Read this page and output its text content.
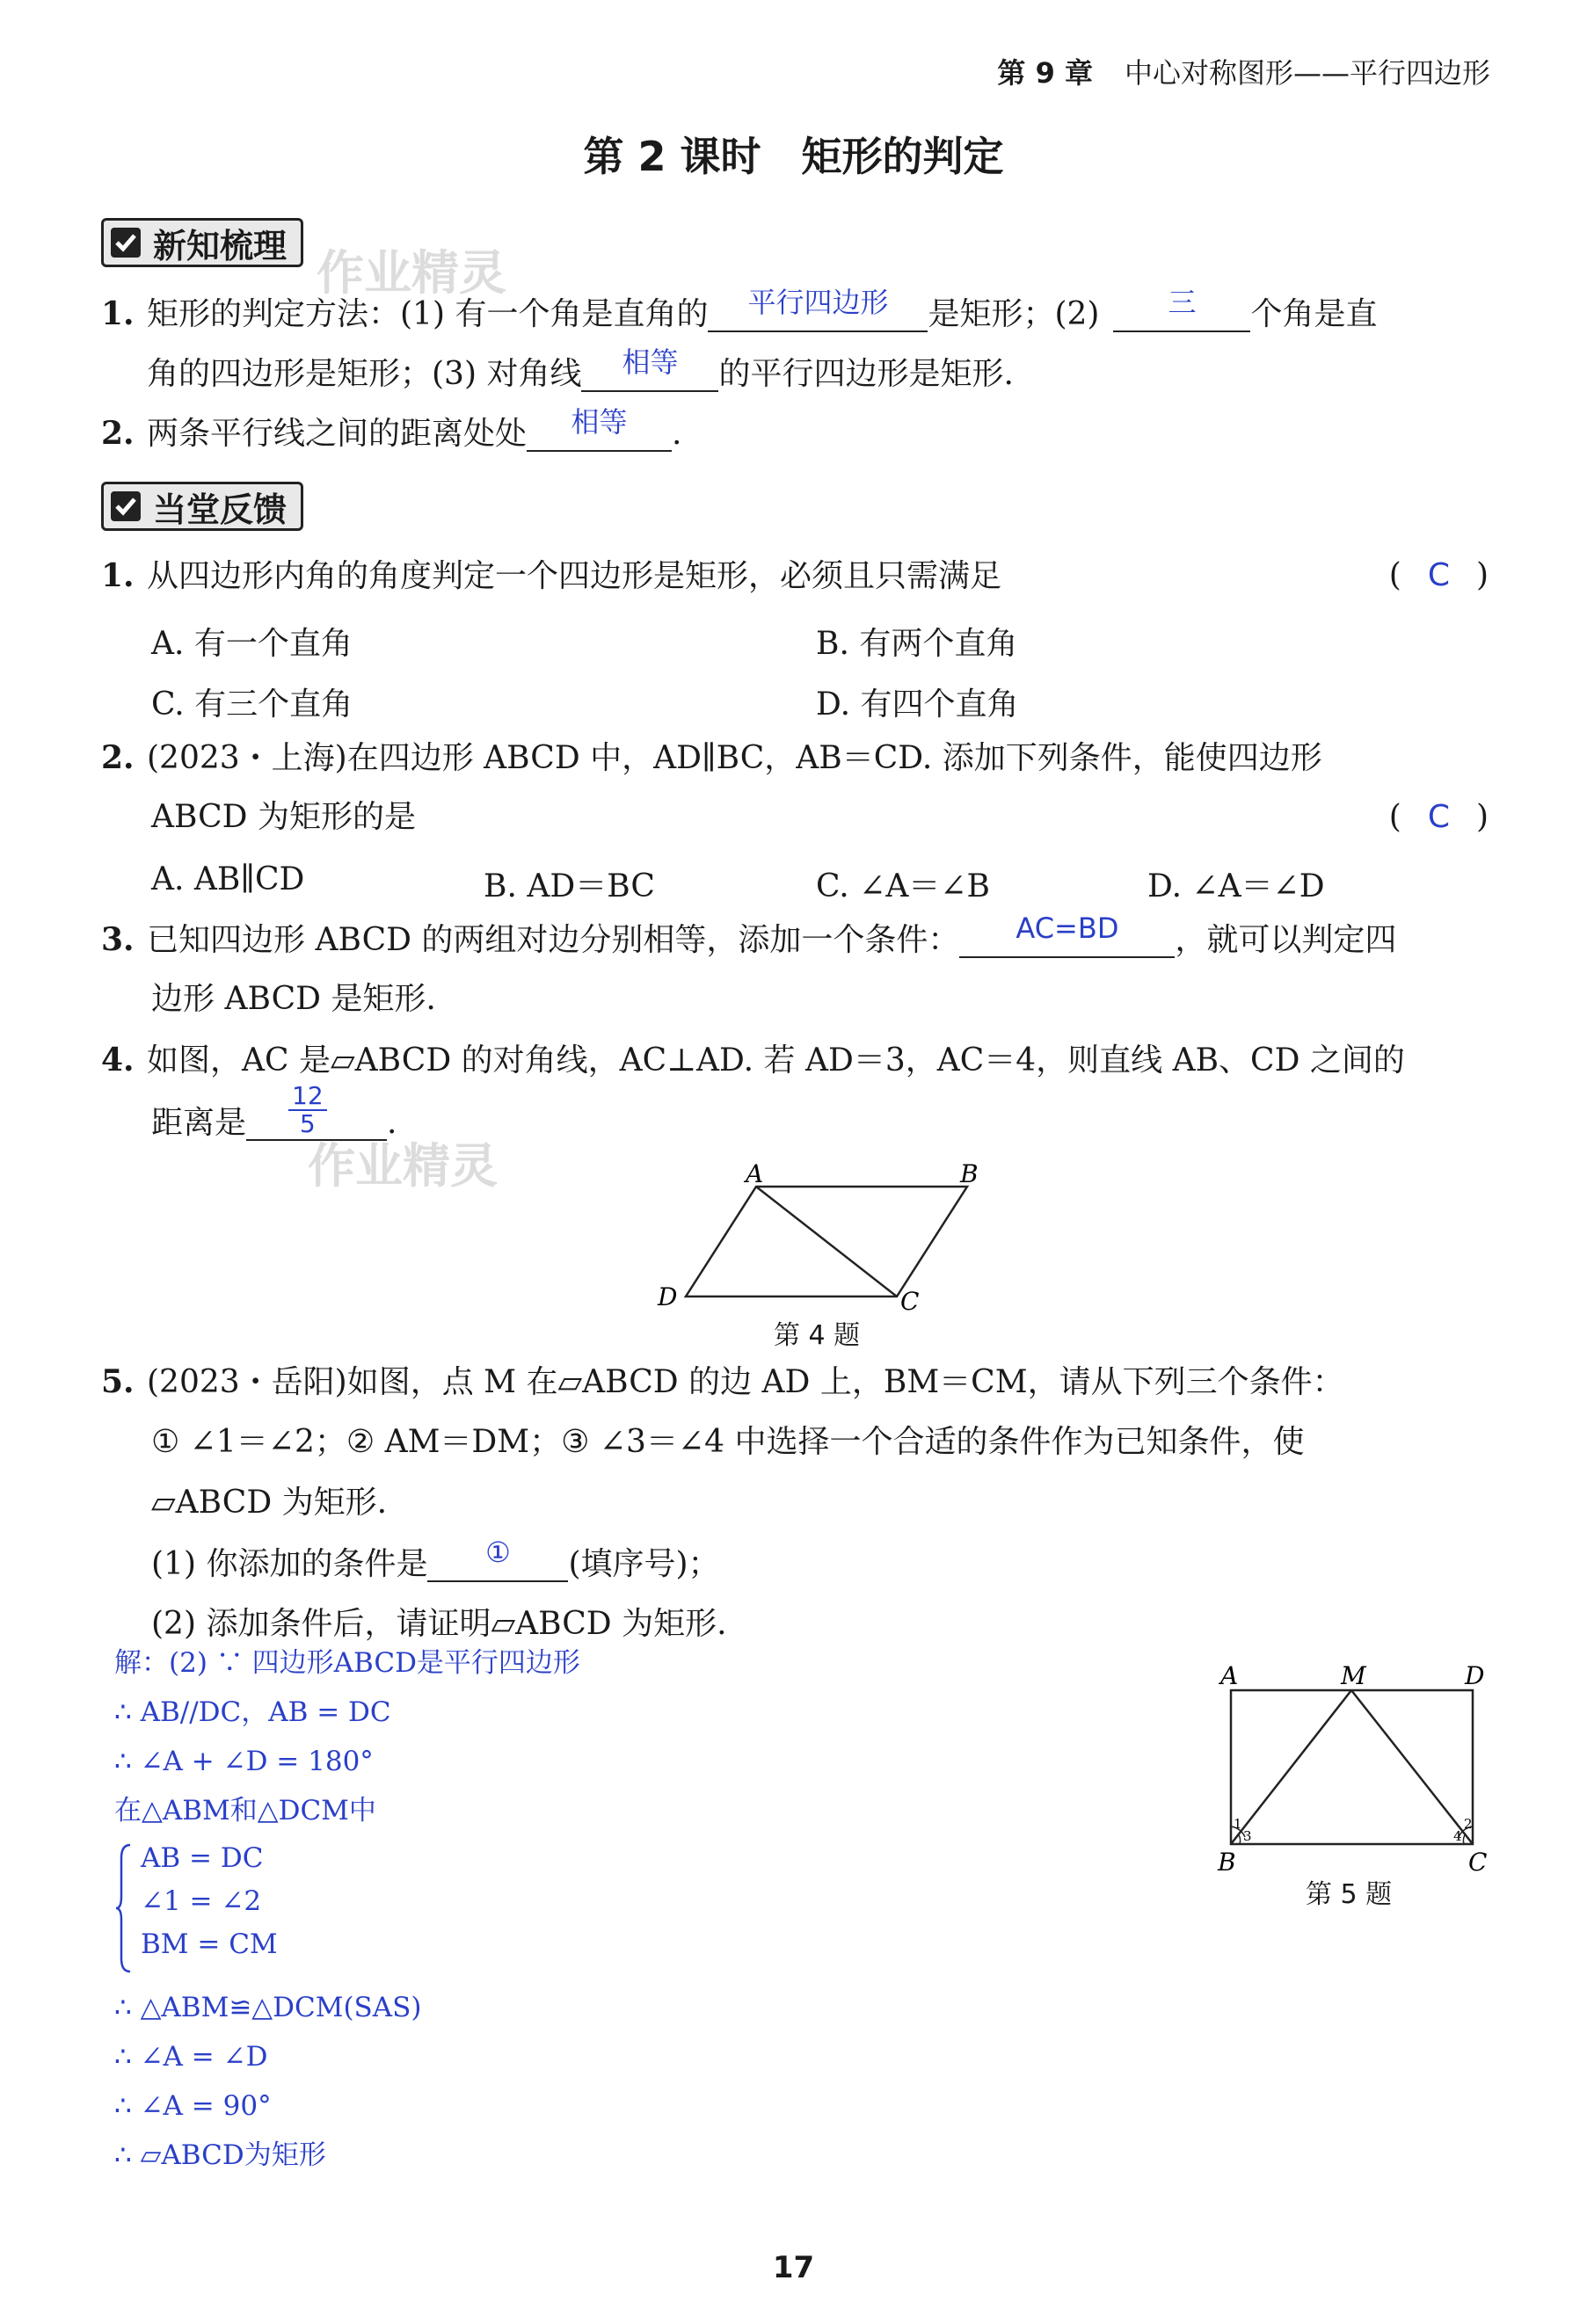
第 9 章 中心对称图形——平行四边形
第 2 课时　矩形的判定
新知梳理 作业精灵
1. 矩形的判定方法：(1) 有一个角是直角的	平行四边形	是矩形；(2)	三	个角是直
角的四边形是矩形；(3) 对角线	相等	的平行四边形是矩形.
2. 两条平行线之间的距离处处	相等	.
当堂反馈
1. 从四边形内角的角度判定一个四边形是矩形，必须且只需满足	( C )
A. 有一个直角	B. 有两个直角
C. 有三个直角	D. 有四个直角
2. (2023・上海)在四边形 ABCD 中，AD∥BC，AB＝CD. 添加下列条件，能使四边形
ABCD 为矩形的是	( C )
A. AB∥CD	B. AD＝BC	C. ∠A＝∠B	D. ∠A＝∠D
3. 已知四边形 ABCD 的两组对边分别相等，添加一个条件：	AC=BD	，就可以判定四
边形 ABCD 是矩形.
4. 如图，AC 是▱ABCD 的对角线，AC⊥AD. 若 AD＝3，AC＝4，则直线 AB、CD 之间的
距离是 $\frac{12}{5}$ .
作业精灵	A	B
C
D
第 4 题
5. (2023・岳阳)如图，点 M 在▱ABCD 的边 AD 上，BM＝CM，请从下列三个条件：
① ∠1＝∠2；② AM＝DM；③ ∠3＝∠4 中选择一个合适的条件作为已知条件，使
▱ABCD 为矩形.
(1) 你添加的条件是	①	(填序号)；
(2) 添加条件后，请证明▱ABCD 为矩形.
解：(2) ∵ 四边形ABCD是平行四边形
∴ AB//DC，AB = DC
∴ ∠A + ∠D = 180°
在△ABM和△DCM中
AB = DC
∠1 = ∠2
BM = CM
∴ △ABM≌△DCM(SAS)
∴ ∠A = ∠D
∴ ∠A = 90°
∴ ▱ABCD为矩形
A	M	D
B	C
1	2
3	4
第 5 题
17
